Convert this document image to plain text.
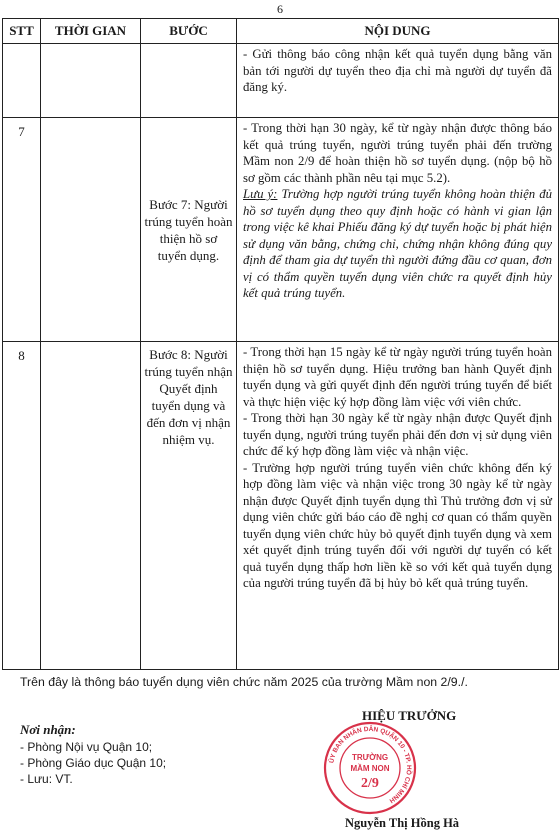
6
STT	THỜI GIAN	BƯỚC	NỘI DUNG

			- Gửi thông báo công nhận kết quả tuyển dụng bằng văn bản tới người dự tuyển theo địa chỉ mà người dự tuyển đã đăng ký.

7		Bước 7: Người trúng tuyển hoàn thiện hồ sơ tuyển dụng.	- Trong thời hạn 30 ngày, kể từ ngày nhận được thông báo kết quả trúng tuyển, người trúng tuyển phải đến trường Mầm non 2/9 để hoàn thiện hồ sơ tuyển dụng. (nộp bộ hồ sơ gồm các thành phần nêu tại mục 5.2).

Lưu ý: Trường hợp người trúng tuyển không hoàn thiện đủ hồ sơ tuyển dụng theo quy định hoặc có hành vi gian lận trong việc kê khai Phiếu đăng ký dự tuyển hoặc bị phát hiện sử dụng văn bằng, chứng chỉ, chứng nhận không đúng quy định để tham gia dự tuyển thì người đứng đầu cơ quan, đơn vị có thẩm quyền tuyển dụng viên chức ra quyết định hủy kết quả trúng tuyển.

8		Bước 8: Người trúng tuyển nhận Quyết định tuyển dụng và đến đơn vị nhận nhiệm vụ.	- Trong thời hạn 15 ngày kể từ ngày người trúng tuyển hoàn thiện hồ sơ tuyển dụng. Hiệu trưởng ban hành Quyết định tuyển dụng và gửi quyết định đến người trúng tuyển để biết và thực hiện việc ký hợp đồng làm việc với viên chức.

- Trong thời hạn 30 ngày kể từ ngày nhận được Quyết định tuyển dụng, người trúng tuyển phải đến đơn vị sử dụng viên chức để ký hợp đồng làm việc và nhận việc.

- Trường hợp người trúng tuyển viên chức không đến ký hợp đồng làm việc và nhận việc trong 30 ngày kể từ ngày nhận được Quyết định tuyển dụng thì Thủ trưởng đơn vị sử dụng viên chức gửi báo cáo đề nghị cơ quan có thẩm quyền tuyển dụng viên chức hủy bỏ quyết định tuyển dụng và xem xét quyết định trúng tuyển đối với người dự tuyển có kết quả tuyển dụng thấp hơn liền kề so với kết quả tuyển dụng của người trúng tuyển đã bị hủy bỏ kết quả trúng tuyển.

Trên đây là thông báo tuyển dụng viên chức năm 2025 của trường Mầm non 2/9./.
Nơi nhận:
- Phòng Nội vụ Quận 10;
- Phòng Giáo dục Quận 10;
- Lưu: VT.
HIỆU TRƯỞNG
ỦY BAN NHÂN DÂN QUẬN 10 - TP. HỒ CHÍ MINH
TRƯỜNG
MẦM NON
2/9
Nguyễn Thị Hồng Hà
